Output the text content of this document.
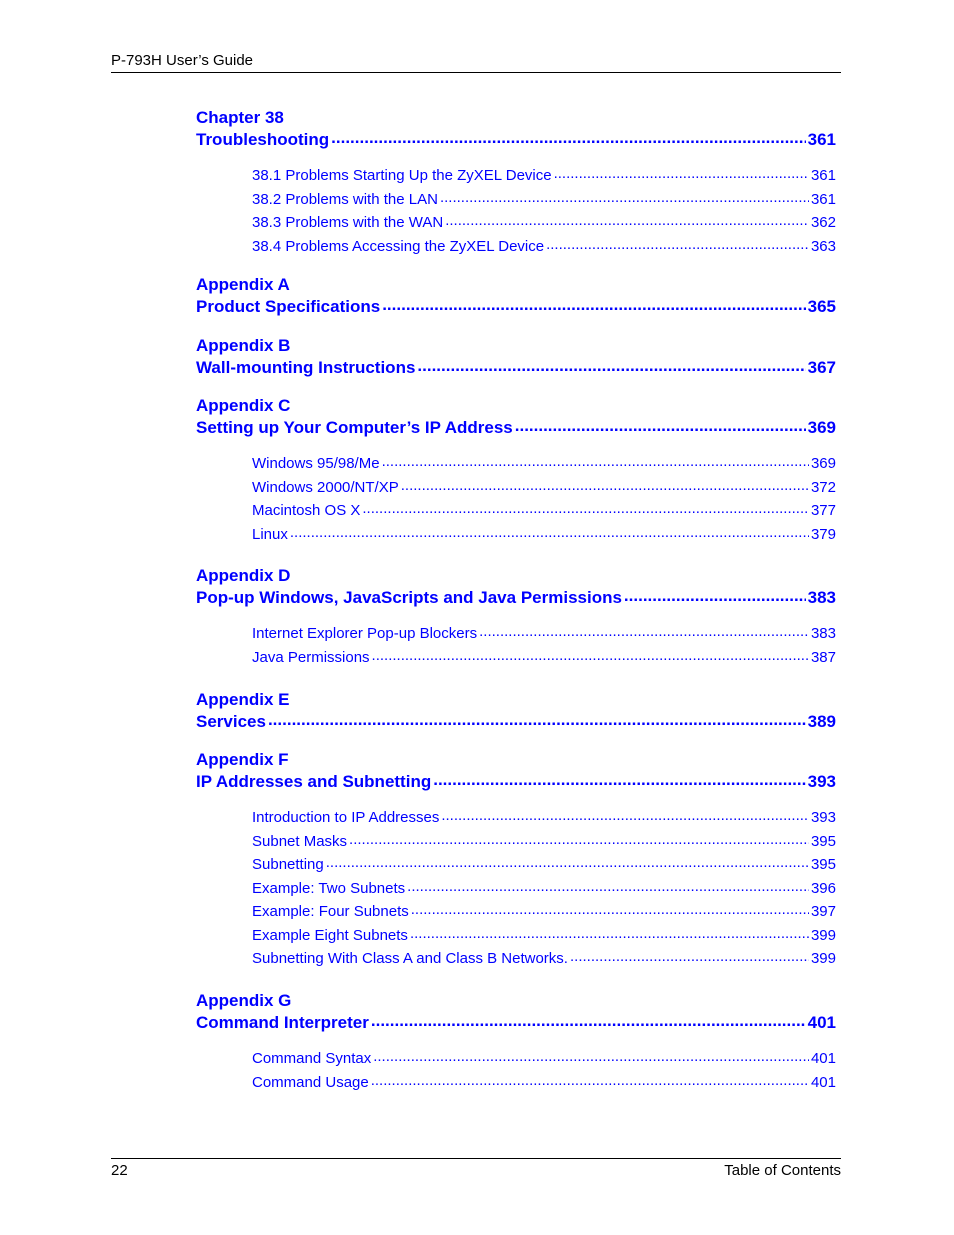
P-793H User’s Guide
Chapter 38
Troubleshooting .....	361
38.1 Problems Starting Up the ZyXEL Device .....	361
38.2 Problems with the LAN .....	361
38.3 Problems with the WAN .....	362
38.4 Problems Accessing the ZyXEL Device .....	363
Appendix A
Product Specifications .....	365
Appendix B
Wall-mounting Instructions .....	367
Appendix C
Setting up Your Computer’s IP Address .....	369
Windows 95/98/Me .....	369
Windows 2000/NT/XP .....	372
Macintosh OS X .....	377
Linux .....	379
Appendix D
Pop-up Windows, JavaScripts and Java Permissions .....	383
Internet Explorer Pop-up Blockers .....	383
Java Permissions .....	387
Appendix E
Services .....	389
Appendix F
IP Addresses and Subnetting .....	393
Introduction to IP Addresses .....	393
Subnet Masks .....	395
Subnetting .....	395
Example: Two Subnets .....	396
Example: Four Subnets .....	397
Example Eight Subnets .....	399
Subnetting With Class A and Class B Networks. .....	399
Appendix G
Command Interpreter .....	401
Command Syntax .....	401
Command Usage .....	401
22	Table of Contents
